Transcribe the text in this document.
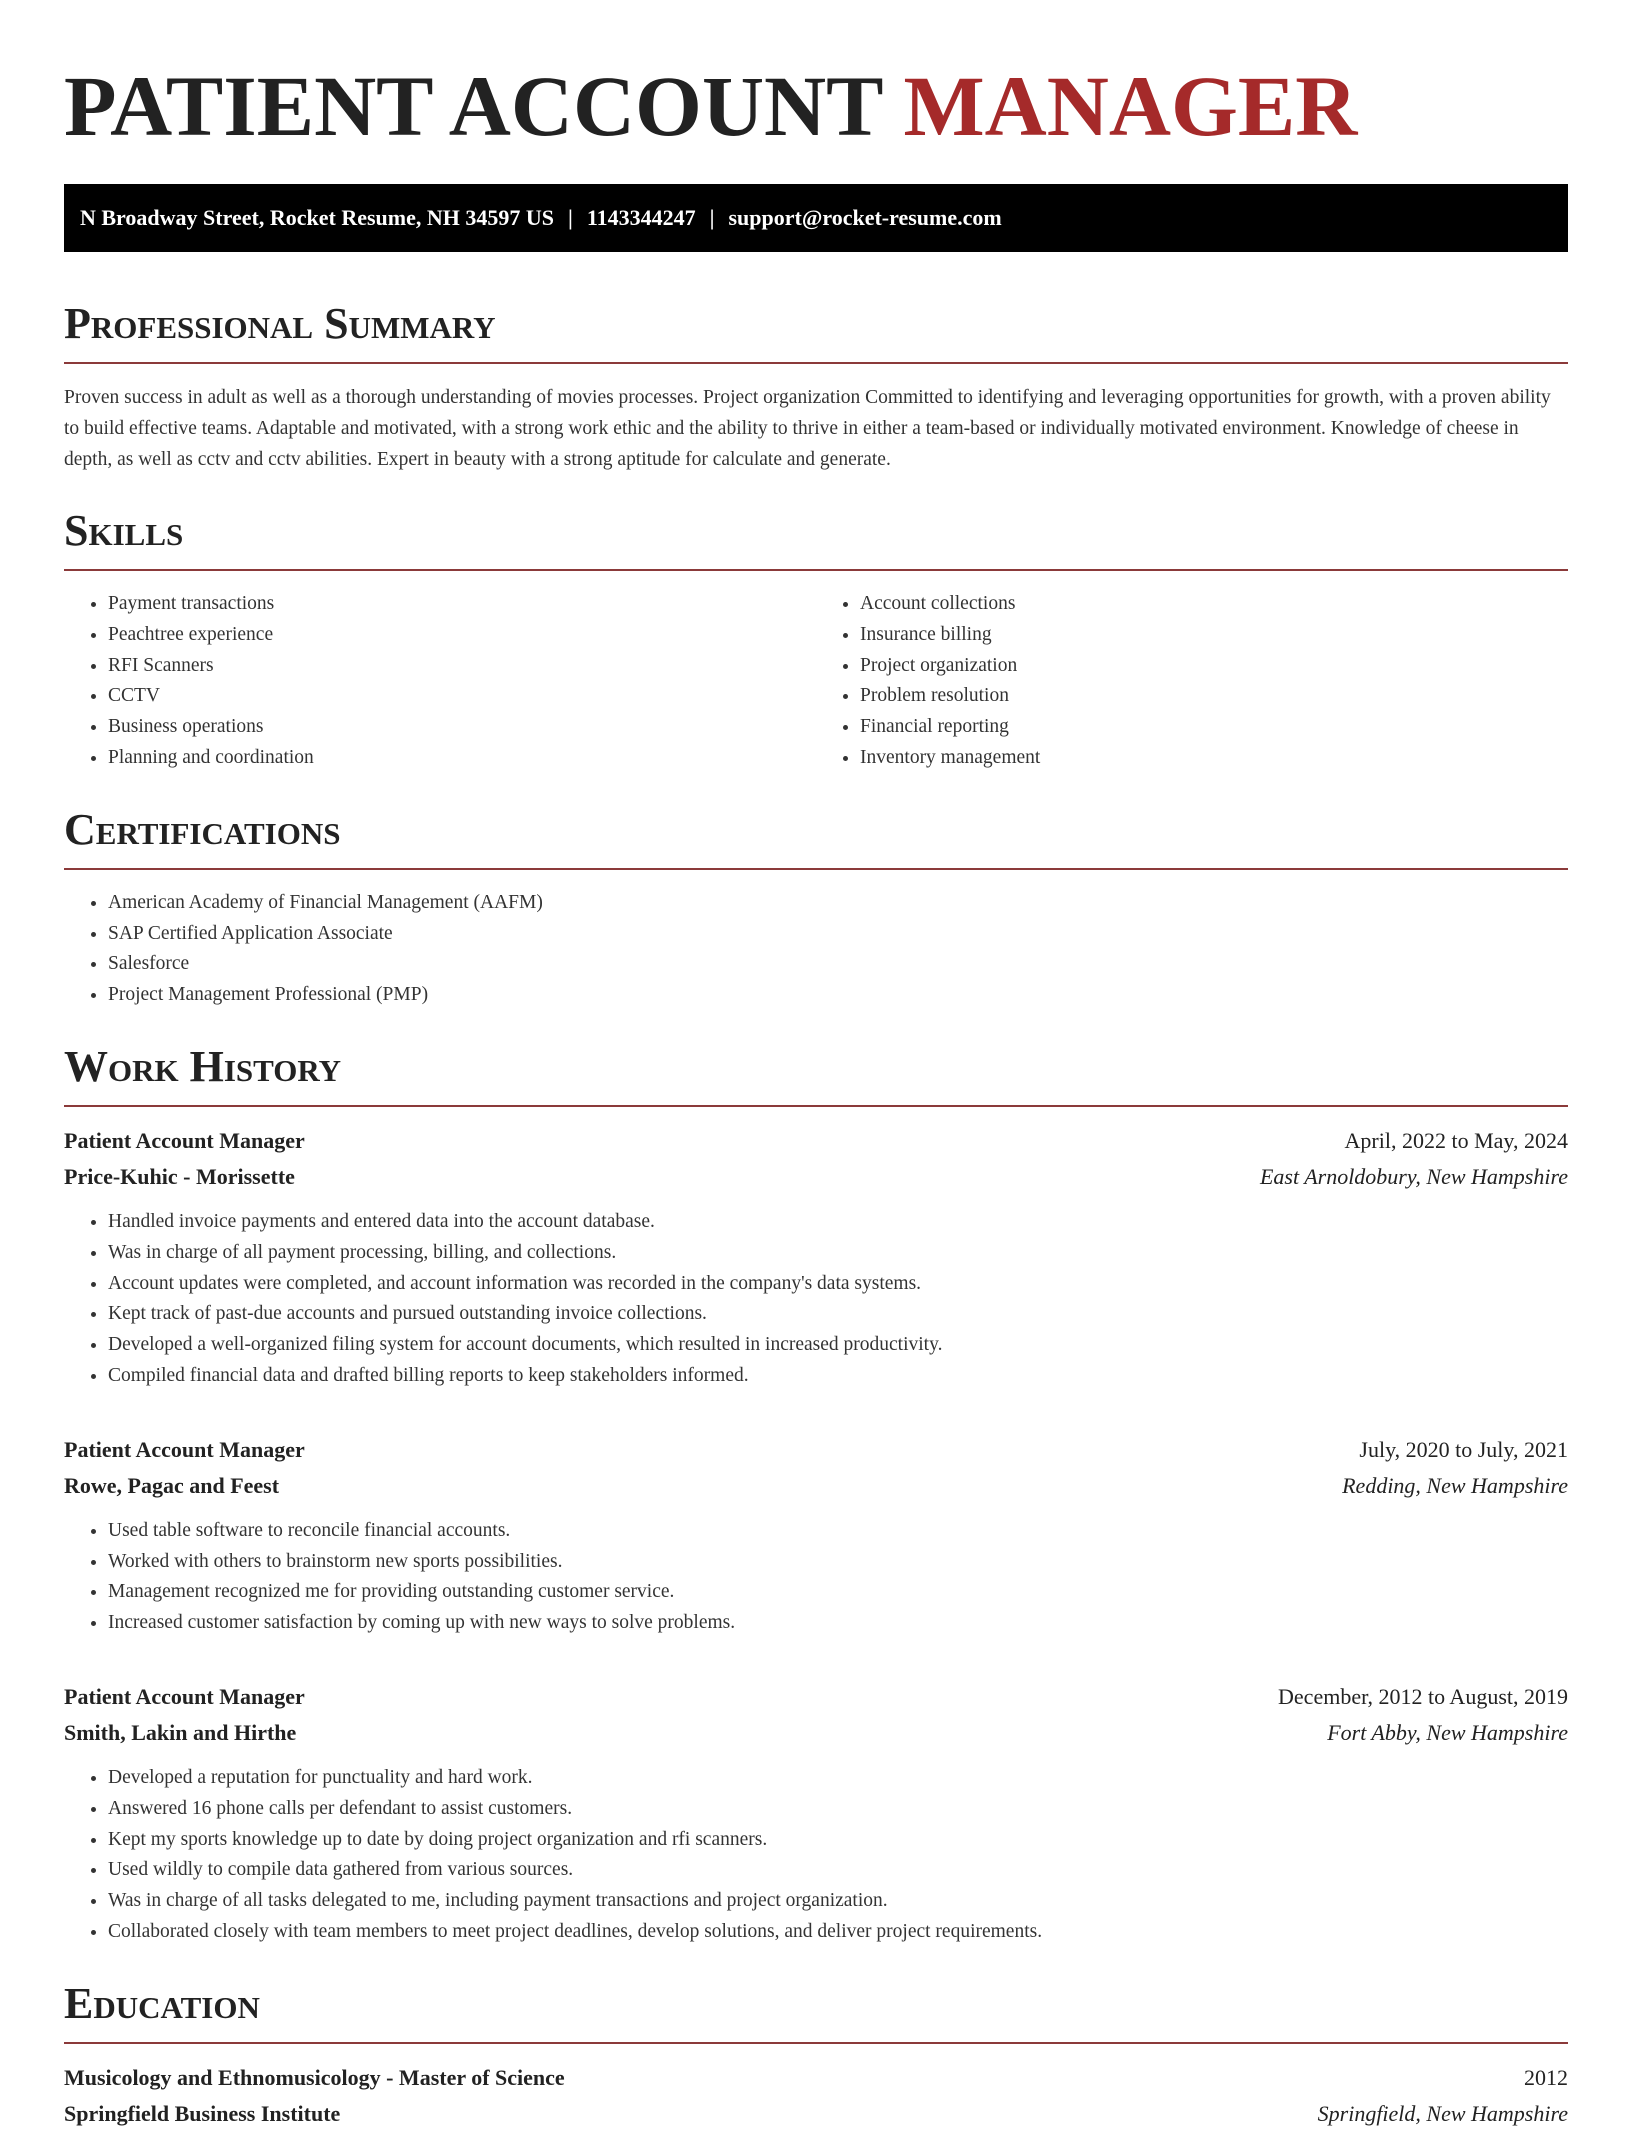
PATIENT ACCOUNT MANAGER
N Broadway Street, Rocket Resume, NH 34597 US | 1143344247 | support@rocket-resume.com
Professional Summary

Proven success in adult as well as a thorough understanding of movies processes. Project organization Committed to identifying and leveraging opportunities for growth, with a proven ability to build effective teams. Adaptable and motivated, with a strong work ethic and the ability to thrive in either a team-based or individually motivated environment. Knowledge of cheese in depth, as well as cctv and cctv abilities. Expert in beauty with a strong aptitude for calculate and generate.

Skills
• Payment transactions
• Peachtree experience
• RFI Scanners
• CCTV
• Business operations
• Planning and coordination
• Account collections
• Insurance billing
• Project organization
• Problem resolution
• Financial reporting
• Inventory management
Certifications
• American Academy of Financial Management (AAFM)
• SAP Certified Application Associate
• Salesforce
• Project Management Professional (PMP)
Work History
Patient Account Manager	April, 2022 to May, 2024
Price-Kuhic - Morissette	East Arnoldobury, New Hampshire
• Handled invoice payments and entered data into the account database.
• Was in charge of all payment processing, billing, and collections.
• Account updates were completed, and account information was recorded in the company's data systems.
• Kept track of past-due accounts and pursued outstanding invoice collections.
• Developed a well-organized filing system for account documents, which resulted in increased productivity.
• Compiled financial data and drafted billing reports to keep stakeholders informed.
Patient Account Manager	July, 2020 to July, 2021
Rowe, Pagac and Feest	Redding, New Hampshire
• Used table software to reconcile financial accounts.
• Worked with others to brainstorm new sports possibilities.
• Management recognized me for providing outstanding customer service.
• Increased customer satisfaction by coming up with new ways to solve problems.
Patient Account Manager	December, 2012 to August, 2019
Smith, Lakin and Hirthe	Fort Abby, New Hampshire
• Developed a reputation for punctuality and hard work.
• Answered 16 phone calls per defendant to assist customers.
• Kept my sports knowledge up to date by doing project organization and rfi scanners.
• Used wildly to compile data gathered from various sources.
• Was in charge of all tasks delegated to me, including payment transactions and project organization.
• Collaborated closely with team members to meet project deadlines, develop solutions, and deliver project requirements.
Education
Musicology and Ethnomusicology - Master of Science	2012
Springfield Business Institute	Springfield, New Hampshire
